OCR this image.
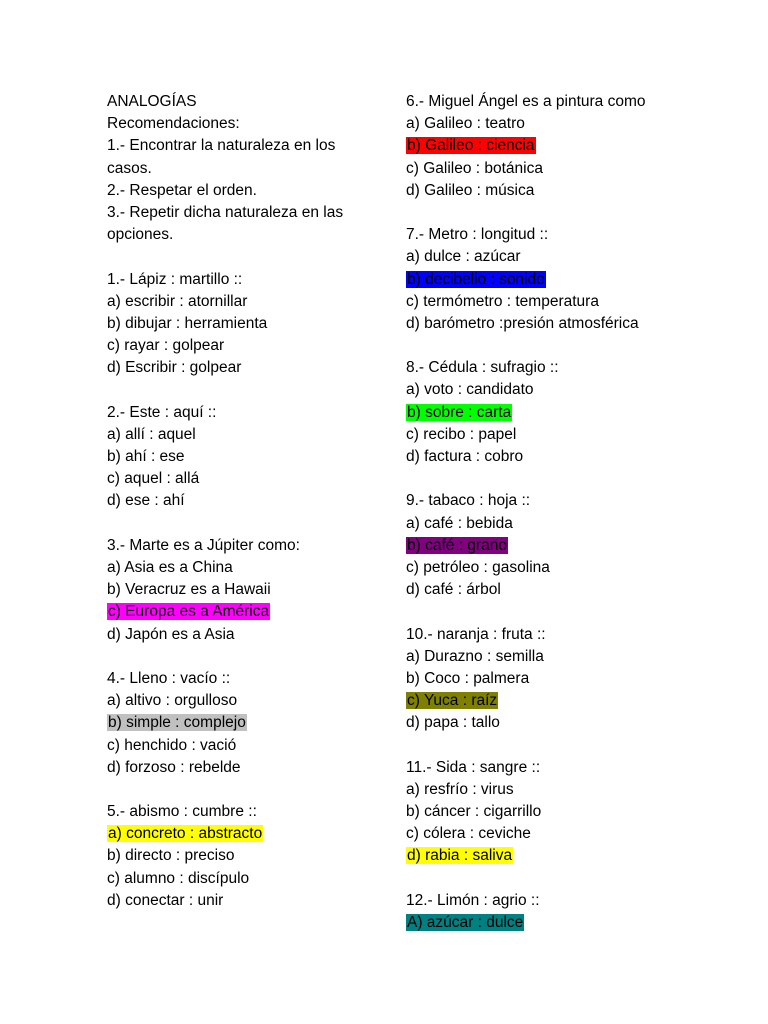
ANALOGÍAS
Recomendaciones:
1.- Encontrar la naturaleza en los casos.
2.- Respetar el orden.
3.- Repetir dicha naturaleza en las opciones.
1.- Lápiz : martillo ::
a) escribir : atornillar
b) dibujar : herramienta
c) rayar : golpear
d) Escribir : golpear
2.- Este : aquí ::
a) allí : aquel
b) ahí : ese
c) aquel : allá
d) ese : ahí
3.- Marte es a Júpiter como:
a) Asia es a China
b) Veracruz es a Hawaii
c) Europa es a América
d) Japón es a Asia
4.- Lleno : vacío ::
a) altivo : orgulloso
b) simple : complejo
c) henchido : vació
d) forzoso : rebelde
5.- abismo : cumbre ::
a) concreto : abstracto
b) directo : preciso
c) alumno : discípulo
d) conectar : unir
6.- Miguel Ángel es a pintura como
a) Galileo : teatro
b) Galileo : ciencia
c) Galileo : botánica
d) Galileo : música
7.- Metro : longitud ::
a) dulce : azúcar
b) decibelio : sonido
c) termómetro : temperatura
d) barómetro :presión atmosférica
8.- Cédula : sufragio ::
a) voto : candidato
b) sobre : carta
c) recibo : papel
d) factura : cobro
9.- tabaco : hoja ::
a) café : bebida
b) café : grano
c) petróleo : gasolina
d) café : árbol
10.- naranja : fruta ::
a) Durazno : semilla
b) Coco : palmera
c) Yuca : raíz
d) papa : tallo
11.- Sida : sangre ::
a) resfrío : virus
b) cáncer : cigarrillo
c) cólera : ceviche
d) rabia : saliva
12.- Limón : agrio ::
A) azúcar : dulce
